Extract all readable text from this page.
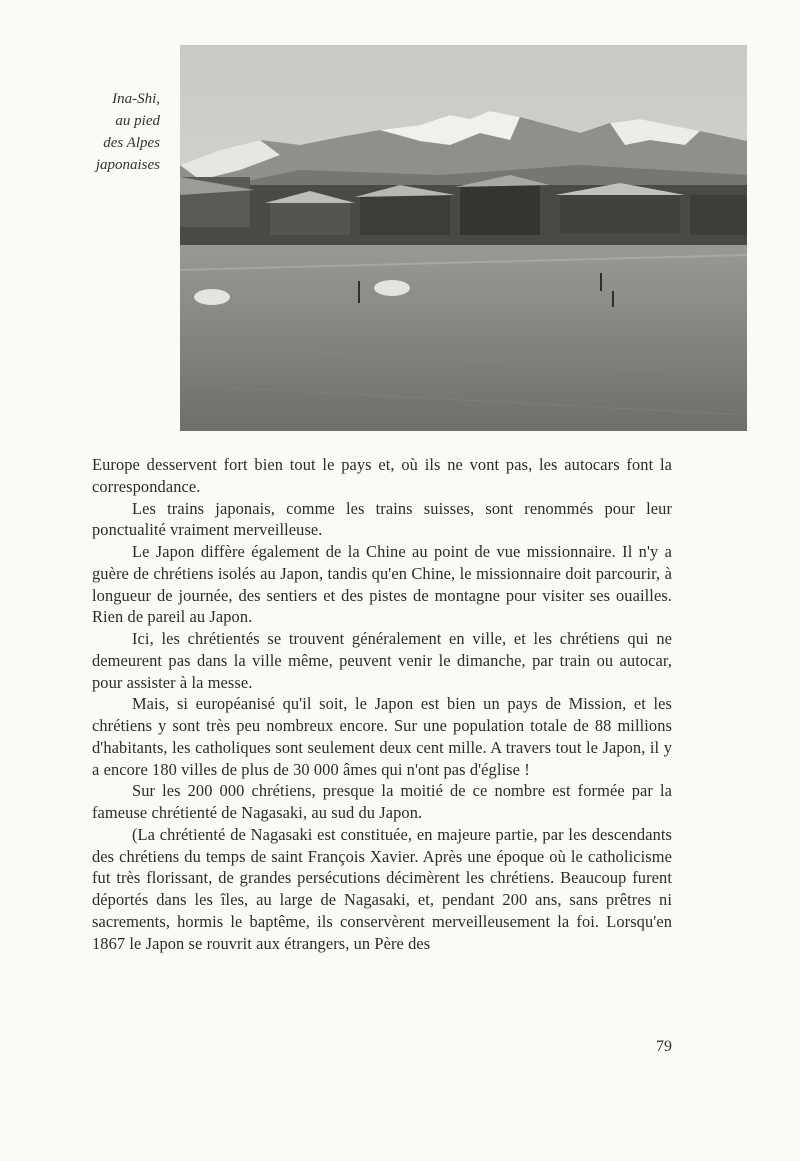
Ina-Shi,
au pied
des Alpes
japonaises

Europe desservent fort bien tout le pays et, où ils ne vont pas, les autocars font la correspondance.

Les trains japonais, comme les trains suisses, sont renommés pour leur ponctualité vraiment merveilleuse.

Le Japon diffère également de la Chine au point de vue missionnaire. Il n'y a guère de chrétiens isolés au Japon, tandis qu'en Chine, le missionnaire doit parcourir, à longueur de journée, des sentiers et des pistes de montagne pour visiter ses ouailles. Rien de pareil au Japon.

Ici, les chrétientés se trouvent généralement en ville, et les chrétiens qui ne demeurent pas dans la ville même, peuvent venir le dimanche, par train ou autocar, pour assister à la messe.

Mais, si européanisé qu'il soit, le Japon est bien un pays de Mission, et les chrétiens y sont très peu nombreux encore. Sur une population totale de 88 millions d'habitants, les catholiques sont seulement deux cent mille. A travers tout le Japon, il y a encore 180 villes de plus de 30 000 âmes qui n'ont pas d'église !

Sur les 200 000 chrétiens, presque la moitié de ce nombre est formée par la fameuse chrétienté de Nagasaki, au sud du Japon.

(La chrétienté de Nagasaki est constituée, en majeure partie, par les descendants des chrétiens du temps de saint François Xavier. Après une époque où le catholicisme fut très florissant, de grandes persécutions décimèrent les chrétiens. Beaucoup furent déportés dans les îles, au large de Nagasaki, et, pendant 200 ans, sans prêtres ni sacrements, hormis le baptême, ils conservèrent merveilleusement la foi. Lorsqu'en 1867 le Japon se rouvrit aux étrangers, un Père des

79
